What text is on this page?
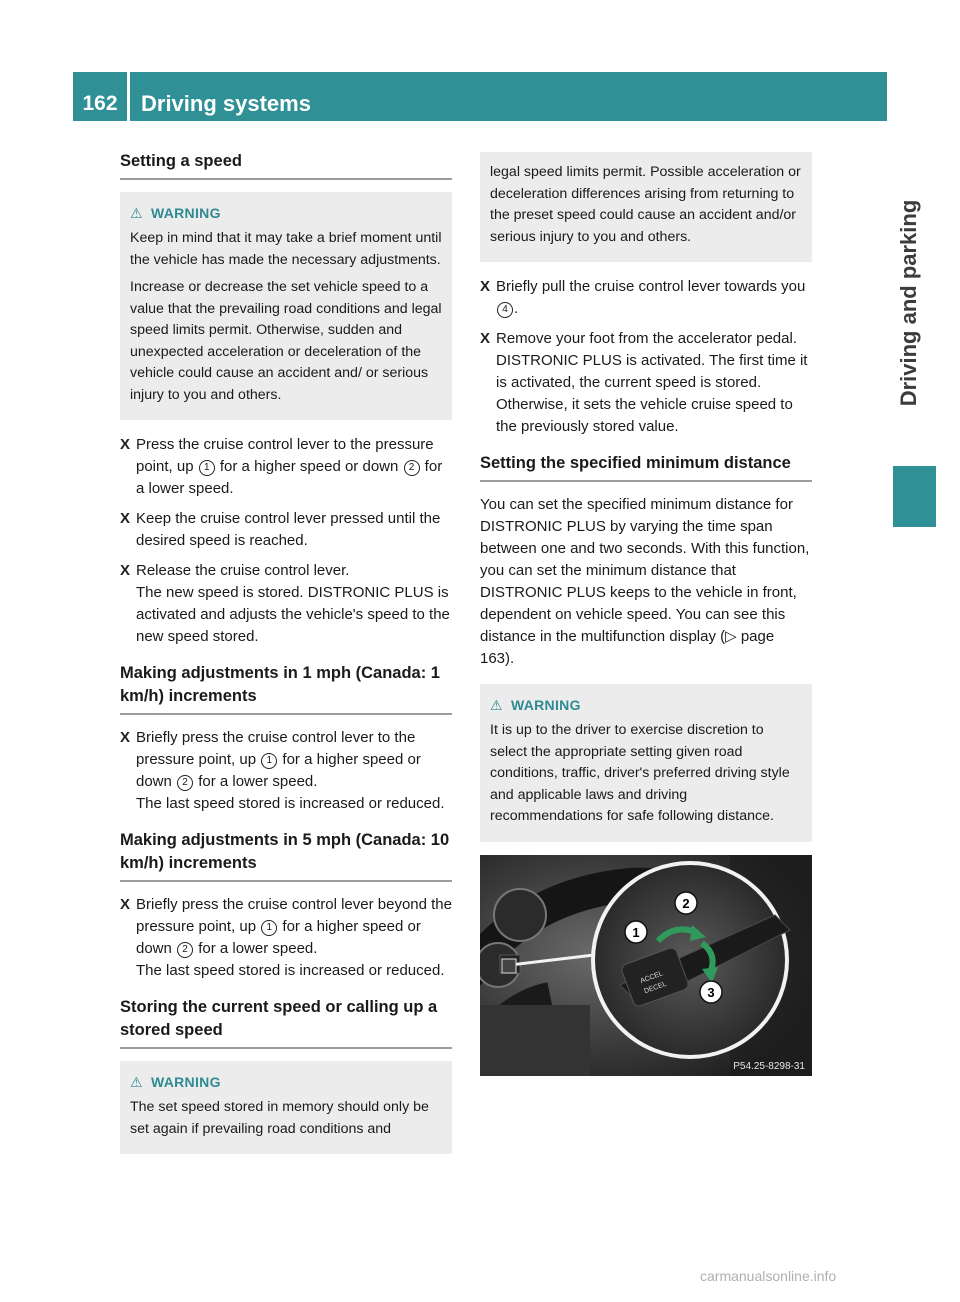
162	Driving systems
Driving and parking
Setting a speed
⚠ WARNING

Keep in mind that it may take a brief moment until the vehicle has made the necessary adjustments.

Increase or decrease the set vehicle speed to a value that the prevailing road conditions and legal speed limits permit. Otherwise, sudden and unexpected acceleration or deceleration of the vehicle could cause an accident and/ or serious injury to you and others.

X Press the cruise control lever to the pressure point, up 1 for a higher speed or down 2 for a lower speed.
X Keep the cruise control lever pressed until the desired speed is reached.
X Release the cruise control lever.
The new speed is stored. DISTRONIC PLUS is activated and adjusts the vehicle's speed to the new speed stored.
Making adjustments in 1 mph (Canada: 1 km/h) increments
X Briefly press the cruise control lever to the pressure point, up 1 for a higher speed or down 2 for a lower speed.
The last speed stored is increased or reduced.
Making adjustments in 5 mph (Canada: 10 km/h) increments
X Briefly press the cruise control lever beyond the pressure point, up 1 for a higher speed or down 2 for a lower speed.
The last speed stored is increased or reduced.
Storing the current speed or calling up a stored speed
⚠ WARNING

The set speed stored in memory should only be set again if prevailing road conditions and

legal speed limits permit. Possible acceleration or deceleration differences arising from returning to the preset speed could cause an accident and/or serious injury to you and others.

X Briefly pull the cruise control lever towards you 4 .
X Remove your foot from the accelerator pedal.
DISTRONIC PLUS is activated. The first time it is activated, the current speed is stored. Otherwise, it sets the vehicle cruise speed to the previously stored value.
Setting the specified minimum distance

You can set the specified minimum distance for DISTRONIC PLUS by varying the time span between one and two seconds. With this function, you can set the minimum distance that DISTRONIC PLUS keeps to the vehicle in front, dependent on vehicle speed. You can see this distance in the multifunction display (▷ page 163).

⚠ WARNING

It is up to the driver to exercise discretion to select the appropriate setting given road conditions, traffic, driver's preferred driving style and applicable laws and driving recommendations for safe following distance.

ACCEL
DECEL
1
2
3
P54.25-8298-31
carmanualsonline.info
